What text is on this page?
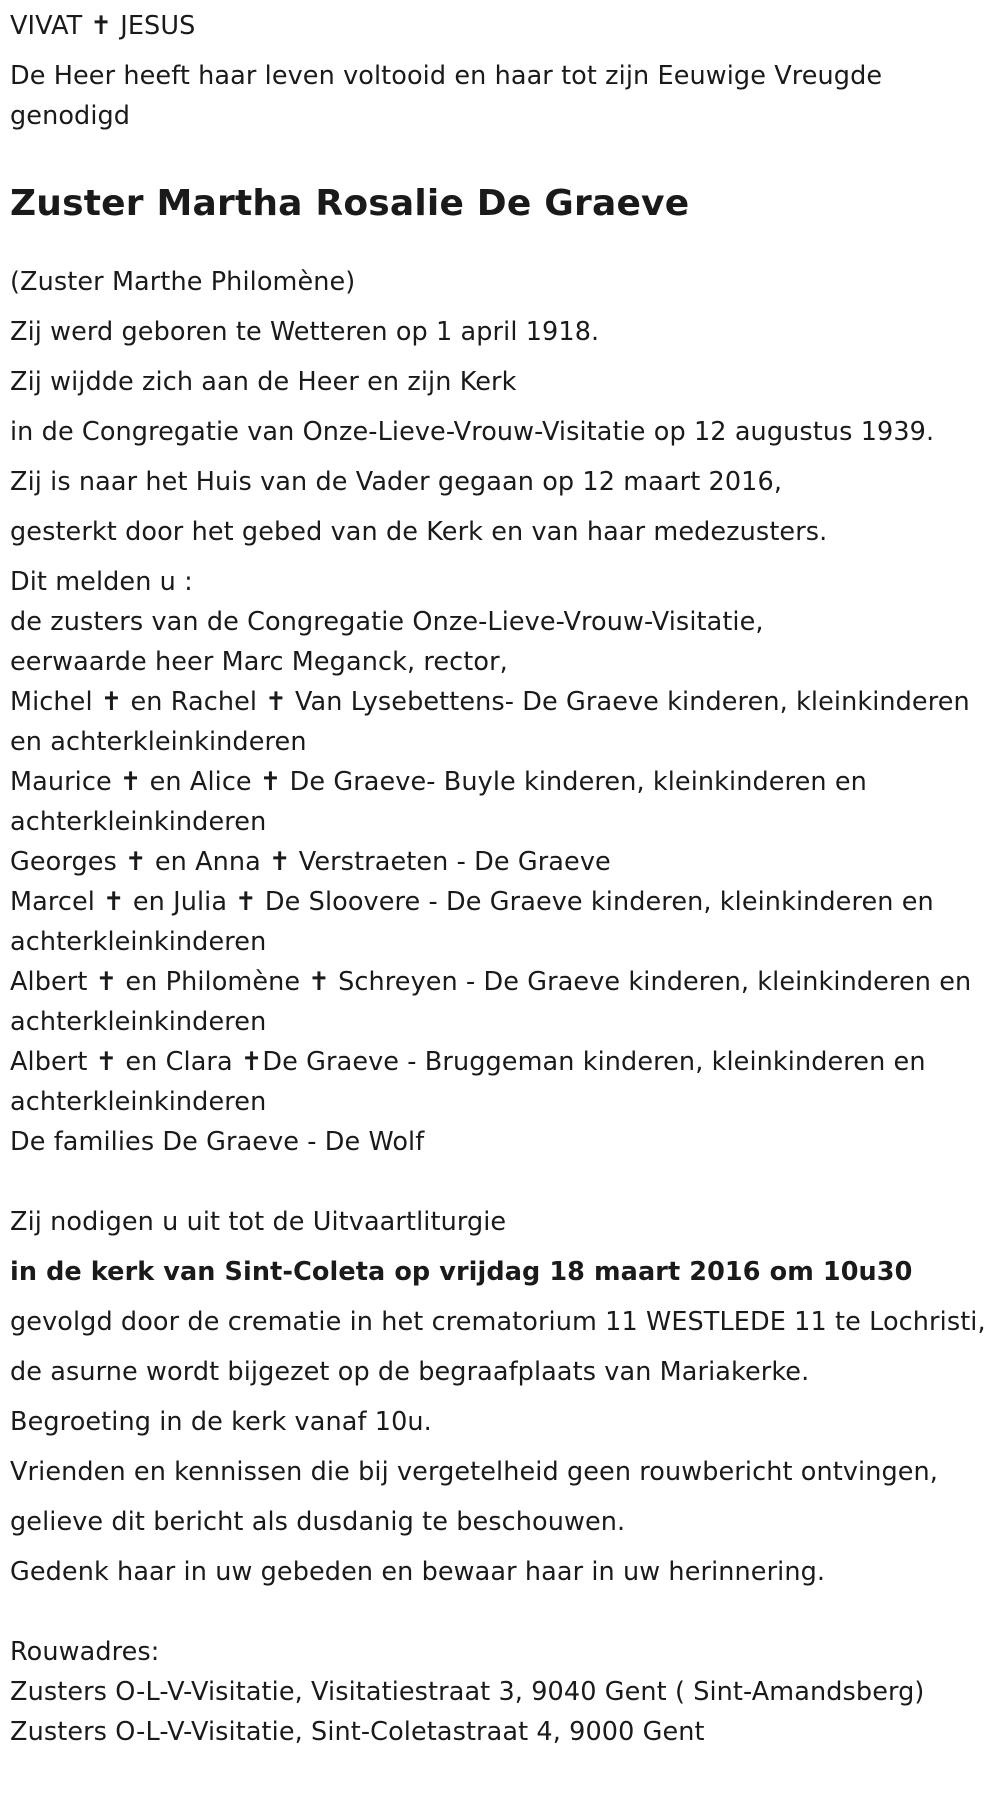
VIVAT ✝ JESUS

De Heer heeft haar leven voltooid en haar tot zijn Eeuwige Vreugde genodigd

Zuster Martha Rosalie De Graeve

(Zuster Marthe Philomène)

Zij werd geboren te Wetteren op 1 april 1918.

Zij wijdde zich aan de Heer en zijn Kerk

in de Congregatie van Onze-Lieve-Vrouw-Visitatie op 12 augustus 1939.

Zij is naar het Huis van de Vader gegaan op 12 maart 2016,

gesterkt door het gebed van de Kerk en van haar medezusters.

Dit melden u :

de zusters van de Congregatie Onze-Lieve-Vrouw-Visitatie,

eerwaarde heer Marc Meganck, rector,

Michel ✝ en Rachel ✝ Van Lysebettens- De Graeve kinderen, kleinkinderen en achterkleinkinderen

Maurice ✝ en Alice ✝ De Graeve- Buyle kinderen, kleinkinderen en achterkleinkinderen

Georges ✝ en Anna ✝ Verstraeten - De Graeve

Marcel ✝ en Julia ✝ De Sloovere - De Graeve kinderen, kleinkinderen en achterkleinkinderen

Albert ✝ en Philomène ✝ Schreyen - De Graeve kinderen, kleinkinderen en achterkleinkinderen

Albert ✝ en Clara ✝De Graeve - Bruggeman kinderen, kleinkinderen en achterkleinkinderen

De families De Graeve - De Wolf

Zij nodigen u uit tot de Uitvaartliturgie

in de kerk van Sint-Coleta op vrijdag 18 maart 2016 om 10u30

gevolgd door de crematie in het crematorium 11 WESTLEDE 11 te Lochristi,

de asurne wordt bijgezet op de begraafplaats van Mariakerke.

Begroeting in de kerk vanaf 10u.

Vrienden en kennissen die bij vergetelheid geen rouwbericht ontvingen,

gelieve dit bericht als dusdanig te beschouwen.

Gedenk haar in uw gebeden en bewaar haar in uw herinnering.

Rouwadres:

Zusters O-L-V-Visitatie, Visitatiestraat 3, 9040 Gent ( Sint-Amandsberg)

Zusters O-L-V-Visitatie, Sint-Coletastraat 4, 9000 Gent
